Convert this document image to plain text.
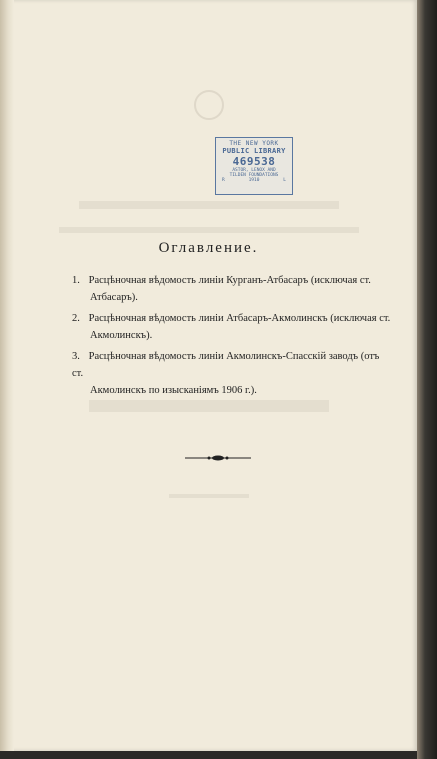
THE NEW YORK
PUBLIC LIBRARY
469538
ASTOR, LENOX AND
TILDEN FOUNDATIONS
R	1910	L
Оглавление.
1. Расцѣночная вѣдомость линiи Курганъ-Атбасаръ (исключая ст.
Атбасаръ).
2. Расцѣночная вѣдомость линiи Атбасаръ-Акмолинскъ (исключая ст.
Акмолинскъ).
3. Расцѣночная вѣдомость линiи Акмолинскъ-Спасскiй заводъ (отъ ст.
Акмолинскъ по изысканiямъ 1906 г.).
